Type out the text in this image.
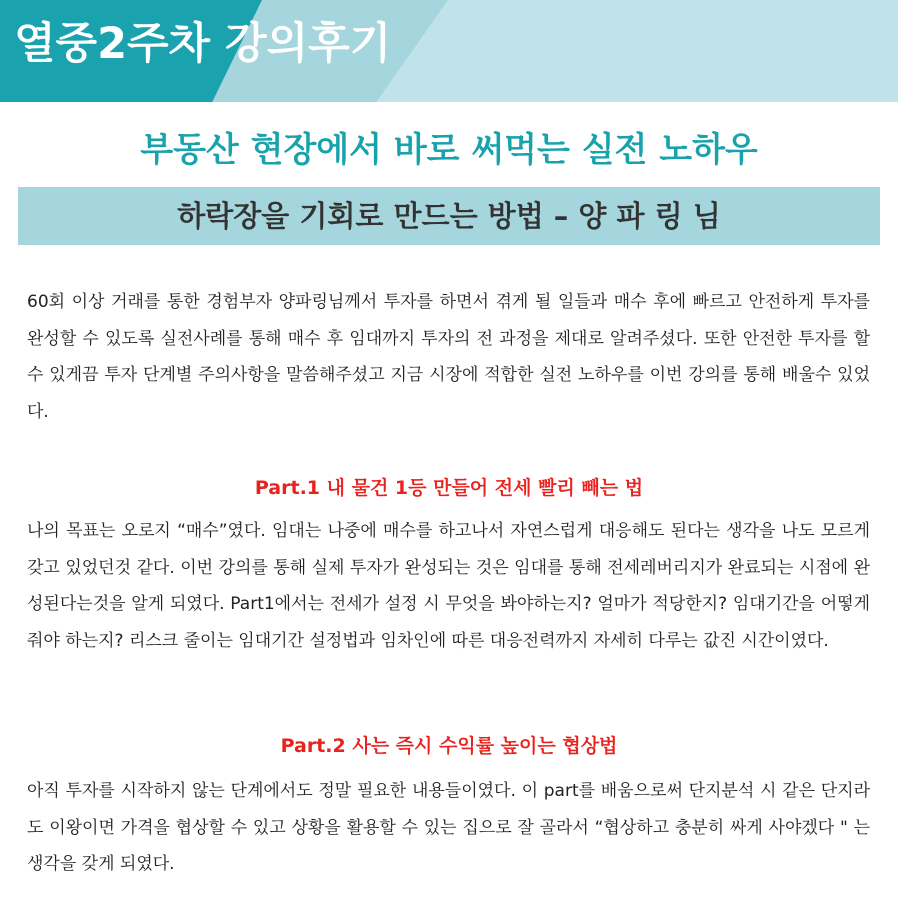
열중2주차 강의후기
부동산 현장에서 바로 써먹는 실전 노하우
하락장을 기회로 만드는 방법 – 양 파 링 님

60회 이상 거래를 통한 경험부자 양파링님께서 투자를 하면서 겪게 될 일들과 매수 후에 빠르고 안전하게 투자를 완성할 수 있도록 실전사례를 통해 매수 후 임대까지 투자의 전 과정을 제대로 알려주셨다. 또한 안전한 투자를 할수 있게끔 투자 단계별 주의사항을 말씀해주셨고 지금 시장에 적합한 실전 노하우를 이번 강의를 통해 배울수 있었다.

Part.1 내 물건 1등 만들어 전세 빨리 빼는 법

나의 목표는 오로지 “매수”였다. 임대는 나중에 매수를 하고나서 자연스럽게 대응해도 된다는 생각을 나도 모르게 갖고 있었던것 같다. 이번 강의를 통해 실제 투자가 완성되는 것은 임대를 통해 전세레버리지가 완료되는 시점에 완성된다는것을 알게 되였다. Part1에서는 전세가 설정 시 무엇을 봐야하는지? 얼마가 적당한지? 임대기간을 어떻게 줘야 하는지? 리스크 줄이는 임대기간 설정법과 임차인에 따른 대응전력까지 자세히 다루는 값진 시간이였다.

Part.2 사는 즉시 수익률 높이는 협상법

아직 투자를 시작하지 않는 단계에서도 정말 필요한 내용들이였다. 이 part를 배움으로써 단지분석 시 같은 단지라도 이왕이면 가격을 협상할 수 있고 상황을 활용할 수 있는 집으로 잘 골라서 “협상하고 충분히 싸게 사야겠다 " 는 생각을 갖게 되였다.
